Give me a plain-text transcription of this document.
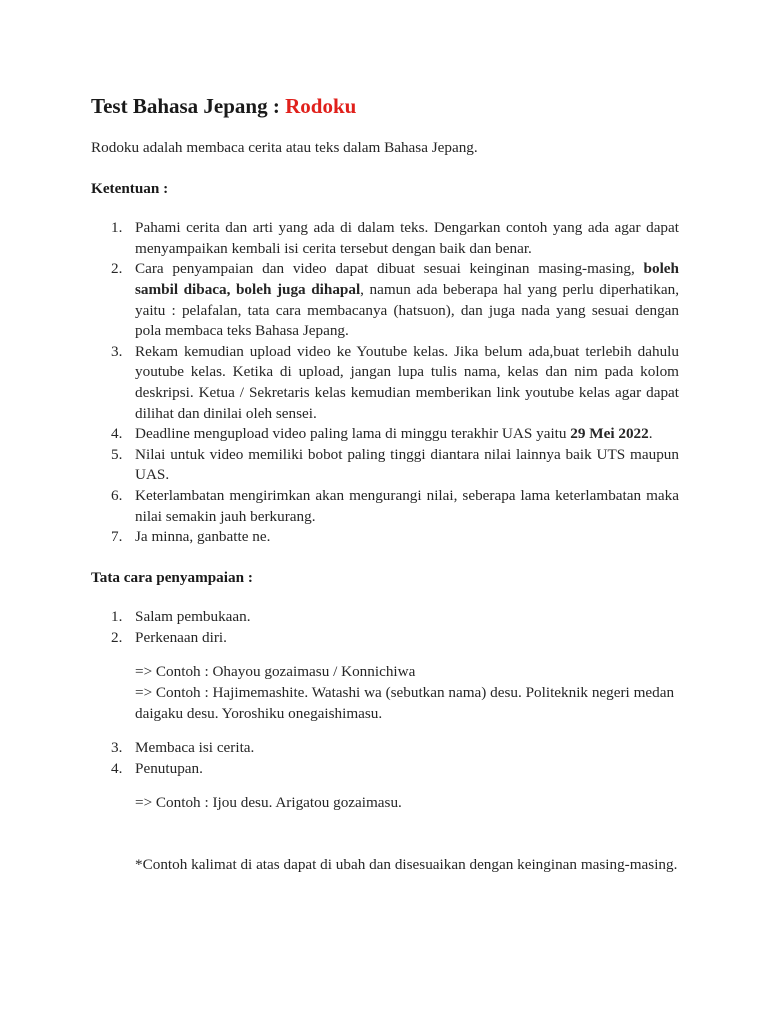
Test Bahasa Jepang : Rodoku

Rodoku adalah membaca cerita atau teks dalam Bahasa Jepang.

Ketentuan :
1. Pahami cerita dan arti yang ada di dalam teks. Dengarkan contoh yang ada agar dapat menyampaikan kembali isi cerita tersebut dengan baik dan benar.
2. Cara penyampaian dan video dapat dibuat sesuai keinginan masing-masing, boleh sambil dibaca, boleh juga dihapal, namun ada beberapa hal yang perlu diperhatikan, yaitu : pelafalan, tata cara membacanya (hatsuon), dan juga nada yang sesuai dengan pola membaca teks Bahasa Jepang.
3. Rekam kemudian upload video ke Youtube kelas. Jika belum ada,buat terlebih dahulu youtube kelas. Ketika di upload, jangan lupa tulis nama, kelas dan nim pada kolom deskripsi. Ketua / Sekretaris kelas kemudian memberikan link youtube kelas agar dapat dilihat dan dinilai oleh sensei.
4. Deadline mengupload video paling lama di minggu terakhir UAS yaitu 29 Mei 2022.
5. Nilai untuk video memiliki bobot paling tinggi diantara nilai lainnya baik UTS maupun UAS.
6. Keterlambatan mengirimkan akan mengurangi nilai, seberapa lama keterlambatan maka nilai semakin jauh berkurang.
7. Ja minna, ganbatte ne.
Tata cara penyampaian :
1. Salam pembukaan.
2. Perkenaan diri.
=> Contoh : Ohayou gozaimasu / Konnichiwa
=> Contoh : Hajimemashite. Watashi wa (sebutkan nama) desu. Politeknik negeri medan daigaku desu. Yoroshiku onegaishimasu.
3. Membaca isi cerita.
4. Penutupan.
=> Contoh : Ijou desu. Arigatou gozaimasu.
*Contoh kalimat di atas dapat di ubah dan disesuaikan dengan keinginan masing-masing.
